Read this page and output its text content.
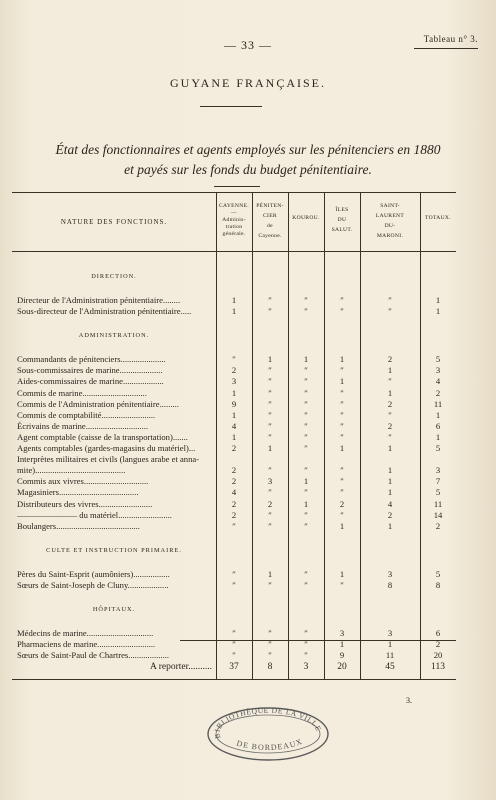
— 33 —	Tableau n° 3.
GUYANE FRANÇAISE.
État des fonctionnaires et agents employés sur les pénitenciers en 1880
et payés sur les fonds du budget pénitentiaire.
NATURE DES FONCTIONS.
CAYENNE.
—
Adminis-
tration
générale.
PÉNITEN-
CIER
de
Cayenne.
KOUROU.
ÎLES
DU
SALUT.
SAINT-
LAURENT
DU-
MARONI.
TOTAUX.
DIRECTION.
Directeur de l'Administration pénitentiaire........	1	″	″	″	″	1
Sous-directeur de l'Administration pénitentiaire.....	1	″	″	″	″	1
ADMINISTRATION.
Commandants de pénitenciers.....................	″	1	1	1	2	5
Sous-commissaires de marine....................	2	″	″	″	1	3
Aides-commissaires de marine...................	3	″	″	1	″	4
Commis de marine..............................	1	″	″	″	1	2
Commis de l'Administration pénitentiaire.........	9	″	″	″	2	11
Commis de comptabilité.........................	1	″	″	″	″	1
Écrivains de marine.............................	4	″	″	″	2	6
Agent comptable (caisse de la transportation).......	1	″	″	″	″	1
Agents comptables (gardes-magasins du matériel)...	2	1	″	1	1	5
Interprètes militaires et civils (langues arabe et anna-
mite)..........................................	2	″	″	″	1	3
Commis aux vivres..............................	2	3	1	″	1	7
Magasiniers.....................................	4	″	″	″	1	5
Distributeurs des vivres.........................	2	2	1	2	4	11
——————— du matériel.........................	2	″	″	″	2	14
Boulangers.......................................	″	″	″	1	1	2
CULTE ET INSTRUCTION PRIMAIRE.
Pères du Saint-Esprit (aumôniers).................	″	1	″	1	3	5
Sœurs de Saint-Joseph de Cluny...................	″	″	″	″	8	8
HÔPITAUX.
Médecins de marine...............................	″	″	″	3	3	6
Pharmaciens de marine...........................	″	″	″	1	1	2
Sœurs de Saint-Paul de Chartres...................	″	″	″	9	11	20
A reporter..........	37	8	3	20	45	113
3.
BIBLIOTHÈQUE DE LA VILLE
DE BORDEAUX
